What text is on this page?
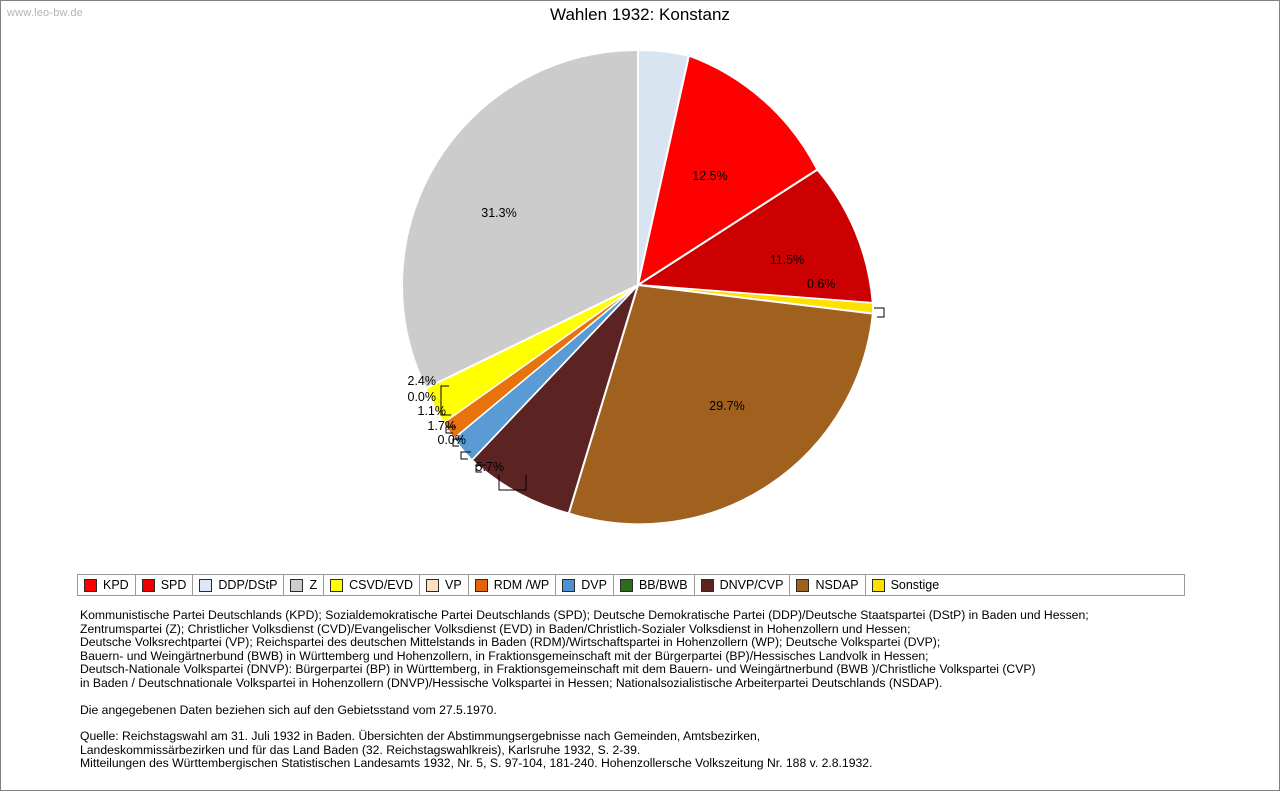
www.leo-bw.de	Wahlen 1932: Konstanz
12.5%
11.5%
29.7%
31.3%
0.6%
2.4%
0.0%
1.1%
1.7%
0.0%
5.7%
KPD	SPD	DDP/DStP	Z	CSVD/EVD	VP	RDM /WP	DVP	BB/BWB	DNVP/CVP	NSDAP	Sonstige
Kommunistische Partei Deutschlands (KPD); Sozialdemokratische Partei Deutschlands (SPD); Deutsche Demokratische Partei (DDP)/Deutsche Staatspartei (DStP) in Baden und Hessen;
Zentrumspartei (Z); Christlicher Volksdienst (CVD)/Evangelischer Volksdienst (EVD) in Baden/Christlich-Sozialer Volksdienst in Hohenzollern und Hessen;
Deutsche Volksrechtpartei (VP); Reichspartei des deutschen Mittelstands in Baden (RDM)/Wirtschaftspartei in Hohenzollern (WP); Deutsche Volkspartei (DVP);
Bauern- und Weingärtnerbund (BWB) in Württemberg und Hohenzollern, in Fraktionsgemeinschaft mit der Bürgerpartei (BP)/Hessisches Landvolk in Hessen;
Deutsch-Nationale Volkspartei (DNVP): Bürgerpartei (BP) in Württemberg, in Fraktionsgemeinschaft mit dem Bauern- und Weingärtnerbund (BWB )/Christliche Volkspartei (CVP)
in Baden / Deutschnationale Volkspartei in Hohenzollern (DNVP)/Hessische Volkspartei in Hessen; Nationalsozialistische Arbeiterpartei Deutschlands (NSDAP).
Die angegebenen Daten beziehen sich auf den Gebietsstand vom 27.5.1970.
Quelle: Reichstagswahl am 31. Juli 1932 in Baden. Übersichten der Abstimmungsergebnisse nach Gemeinden, Amtsbezirken,
Landeskommissärbezirken und für das Land Baden (32. Reichstagswahlkreis), Karlsruhe 1932, S. 2-39.
Mitteilungen des Württembergischen Statistischen Landesamts 1932, Nr. 5, S. 97-104, 181-240. Hohenzollersche Volkszeitung Nr. 188 v. 2.8.1932.
